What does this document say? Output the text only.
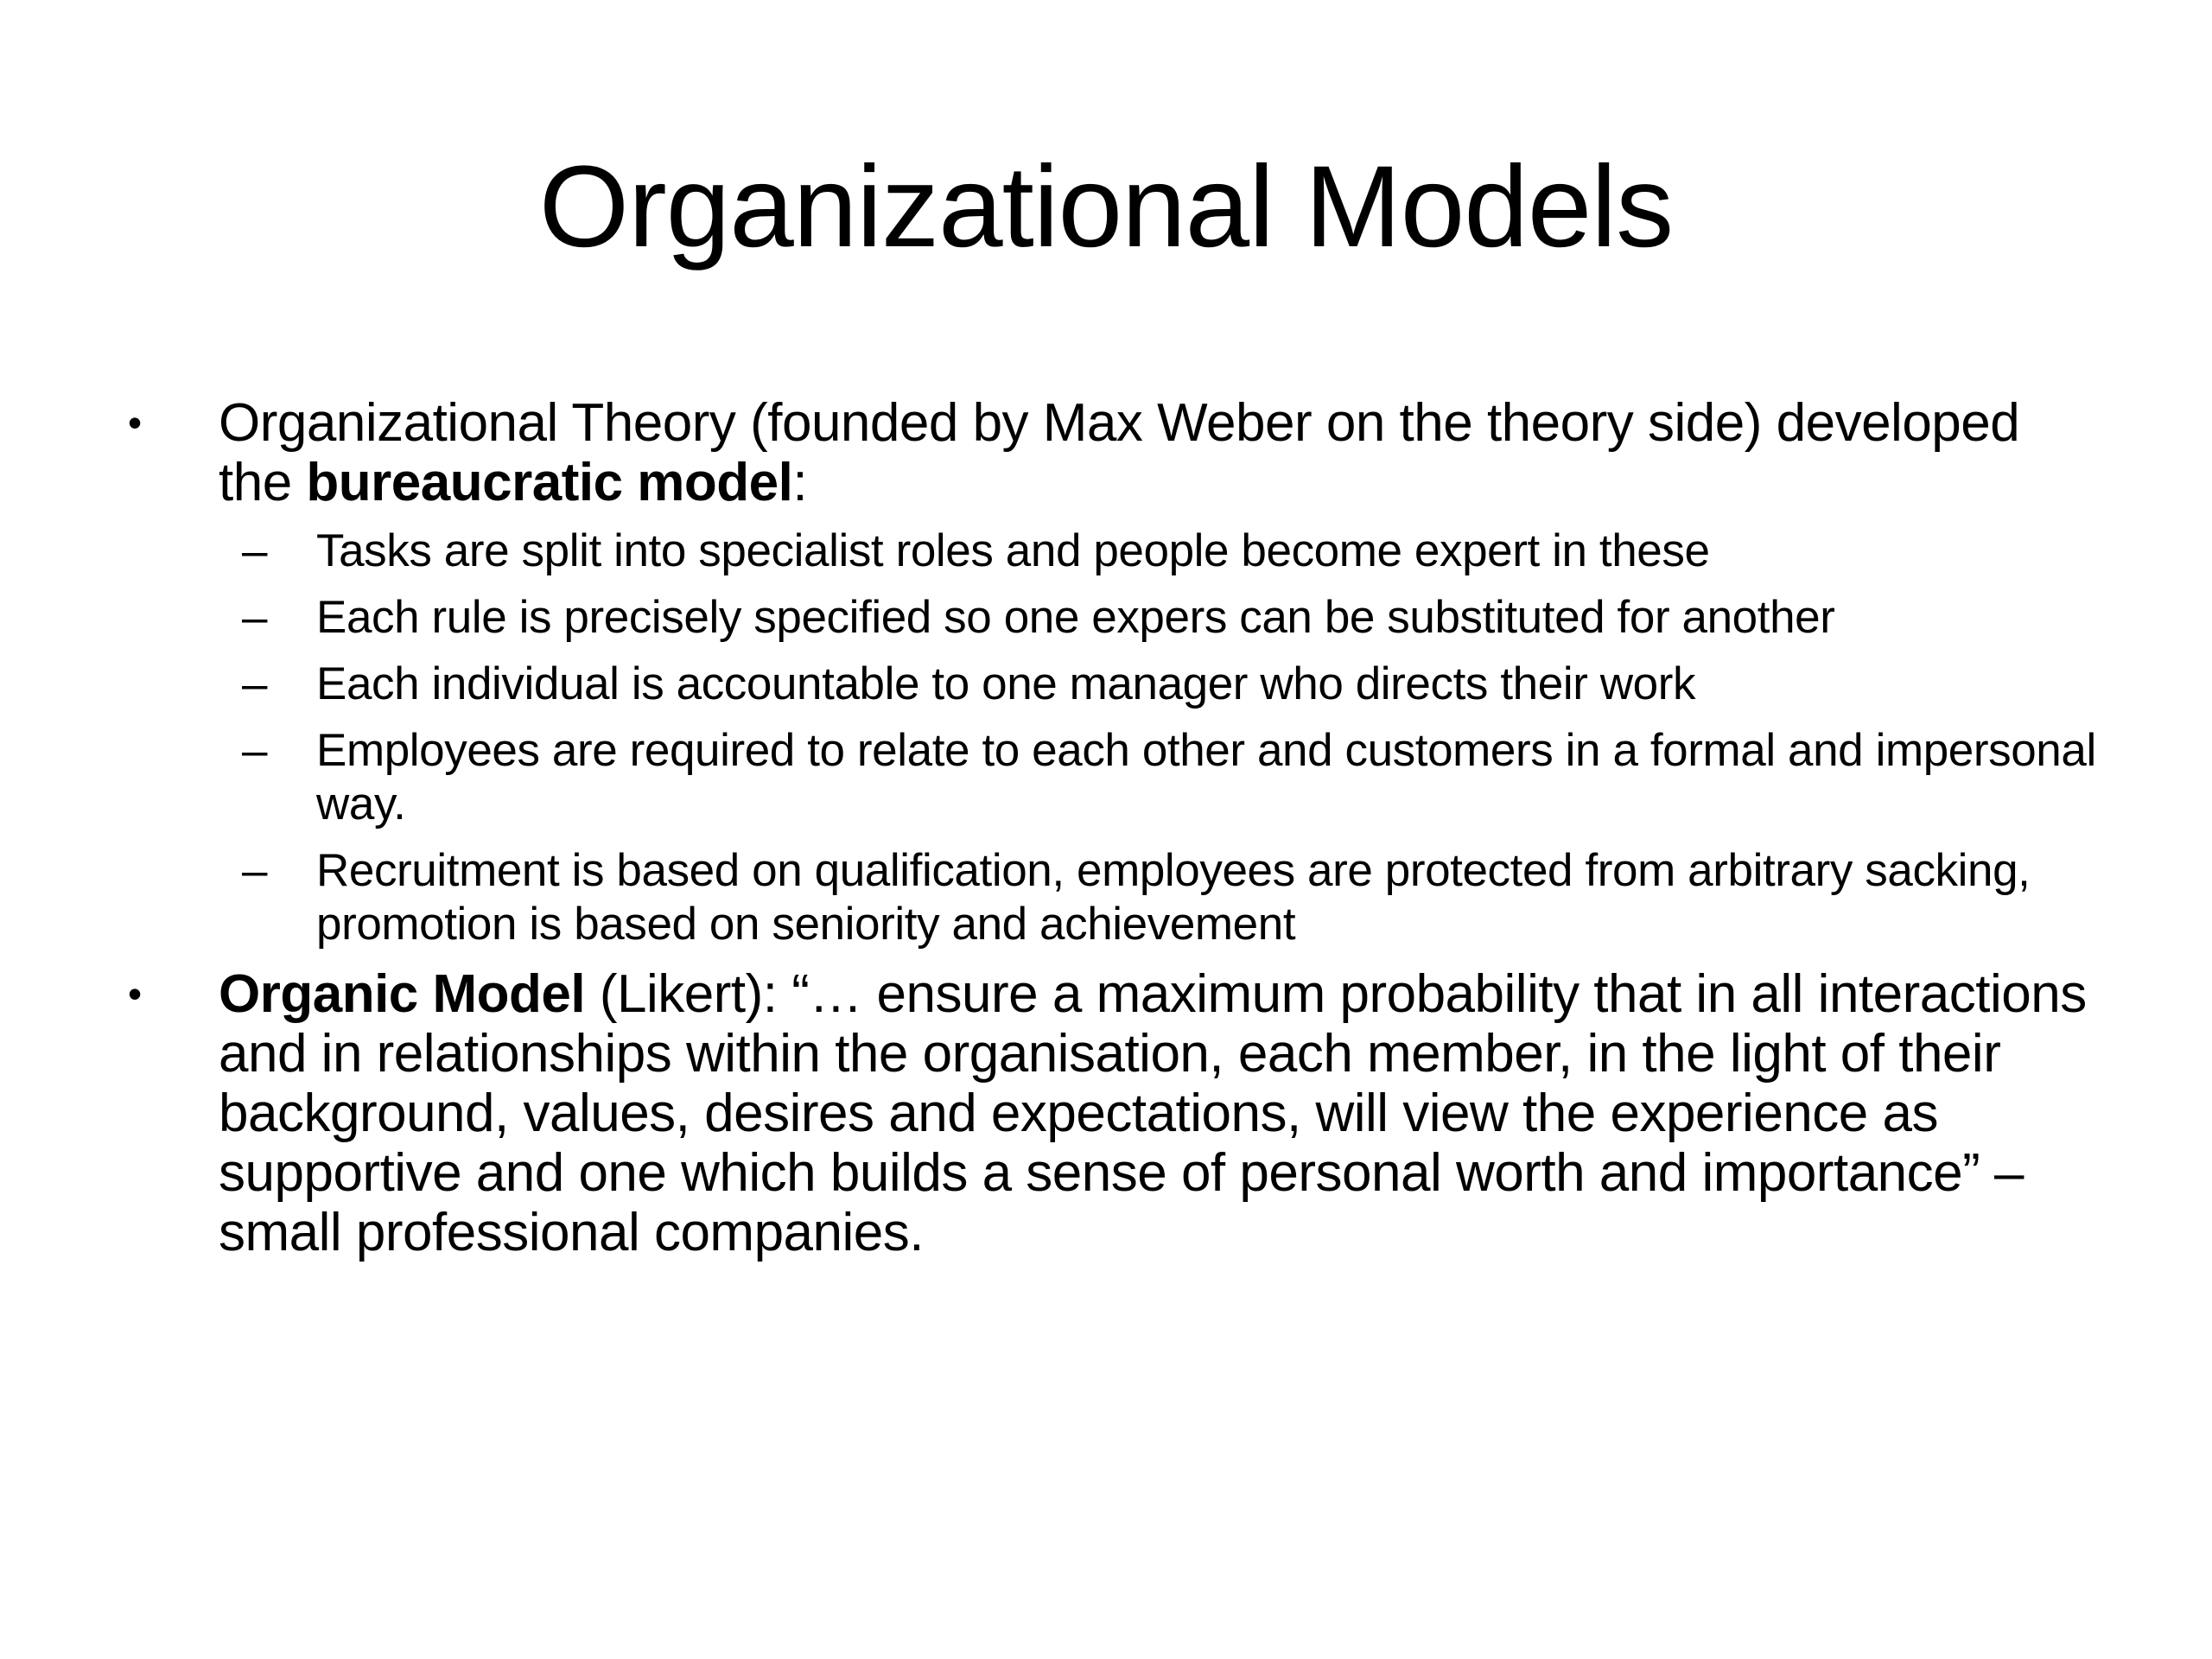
Organizational Models
• Organizational Theory (founded by Max Weber on the theory side) developed the bureaucratic model:
– Tasks are split into specialist roles and people become expert in these
– Each rule is precisely specified so one expers can be substituted for another
– Each individual is accountable to one manager who directs their work
– Employees are required to relate to each other and customers in a formal and impersonal way.
– Recruitment is based on qualification, employees are protected from arbitrary sacking, promotion is based on seniority and achievement
• Organic Model (Likert): “… ensure a maximum probability that in all interactions and in relationships within the organisation, each member, in the light of their background, values, desires and expectations, will view the experience as supportive and one which builds a sense of personal worth and importance” – small professional companies.
